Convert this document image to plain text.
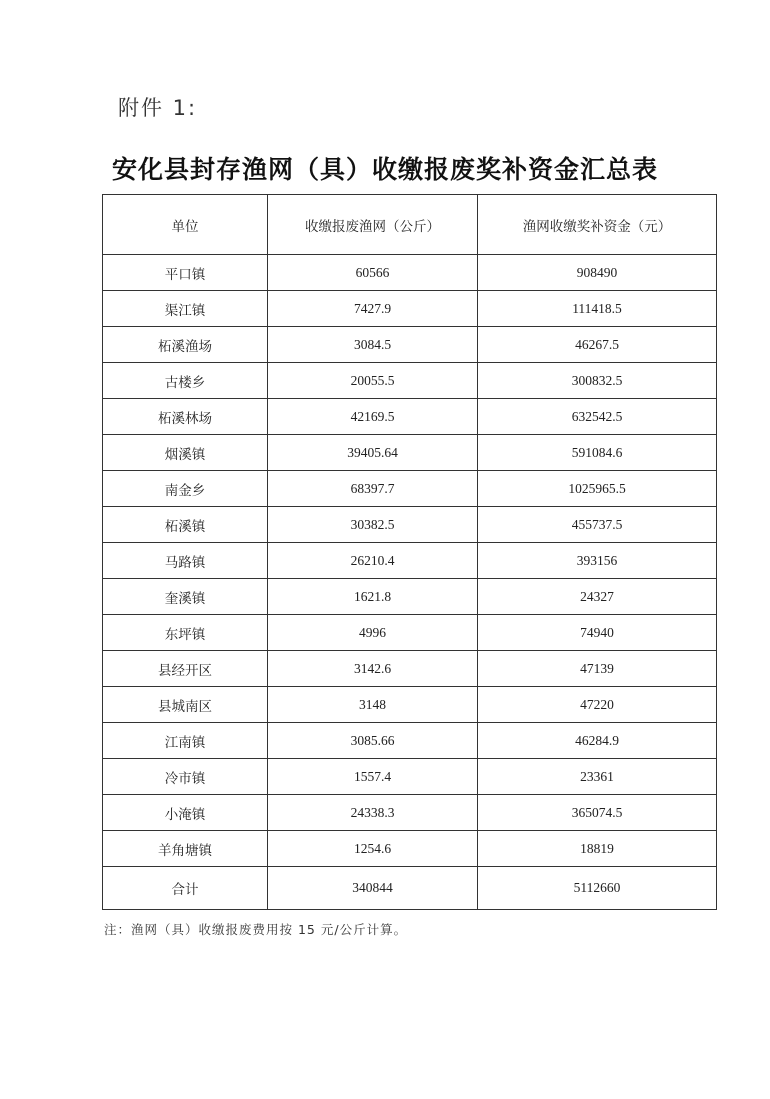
附件 1:
安化县封存渔网（具）收缴报废奖补资金汇总表
单位	收缴报废渔网（公斤）	渔网收缴奖补资金（元）
平口镇	60566	908490
渠江镇	7427.9	111418.5
柘溪渔场	3084.5	46267.5
古楼乡	20055.5	300832.5
柘溪林场	42169.5	632542.5
烟溪镇	39405.64	591084.6
南金乡	68397.7	1025965.5
柘溪镇	30382.5	455737.5
马路镇	26210.4	393156
奎溪镇	1621.8	24327
东坪镇	4996	74940
县经开区	3142.6	47139
县城南区	3148	47220
江南镇	3085.66	46284.9
冷市镇	1557.4	23361
小淹镇	24338.3	365074.5
羊角塘镇	1254.6	18819
合计	340844	5112660
注：渔网（具）收缴报废费用按 15 元/公斤计算。
